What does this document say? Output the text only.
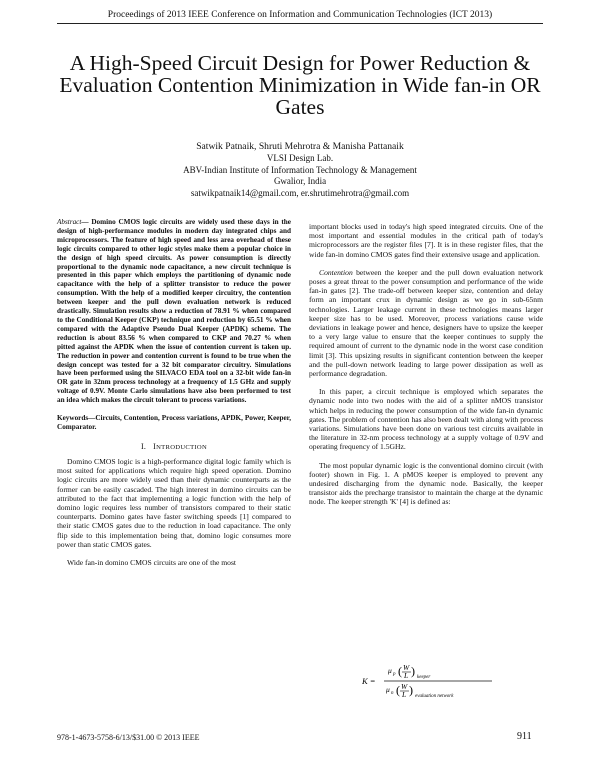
Proceedings of 2013 IEEE Conference on Information and Communication Technologies (ICT 2013)
A High-Speed Circuit Design for Power Reduction & Evaluation Contention Minimization in Wide fan-in OR Gates
Satwik Patnaik, Shruti Mehrotra & Manisha Pattanaik
VLSI Design Lab.
ABV-Indian Institute of Information Technology & Management
Gwalior, India
satwikpatnaik14@gmail.com, er.shrutimehrotra@gmail.com
Abstract— Domino CMOS logic circuits are widely used these days in the design of high-performance modules in modern day integrated chips and microprocessors. The feature of high speed and less area overhead of these logic circuits compared to other logic styles make them a popular choice in the design of high speed circuits. As power consumption is directly proportional to the dynamic node capacitance, a new circuit technique is presented in this paper which employs the partitioning of dynamic node capacitance with the help of a splitter transistor to reduce the power consumption. With the help of a modified keeper circuitry, the contention between keeper and the pull down evaluation network is reduced drastically. Simulation results show a reduction of 78.91 % when compared to the Conditional Keeper (CKP) technique and reduction by 65.51 % when compared with the Adaptive Pseudo Dual Keeper (APDK) scheme. The reduction is about 83.56 % when compared to CKP and 70.27 % when pitted against the APDK when the issue of contention current is taken up. The reduction in power and contention current is found to be true when the design concept was tested for a 32 bit comparator circuitry. Simulations have been performed using the SILVACO EDA tool on a 32-bit wide fan-in OR gate in 32nm process technology at a frequency of 1.5 GHz and supply voltage of 0.9V. Monte Carlo simulations have also been performed to test an idea which makes the circuit tolerant to process variations.
Keywords—Circuits, Contention, Process variations, APDK, Power, Keeper, Comparator.
I. INTRODUCTION

Domino CMOS logic is a high-performance digital logic family which is most suited for applications which require high speed operation. Domino logic circuits are more widely used than their dynamic counterparts as the former can be easily cascaded. The high interest in domino circuits can be attributed to the fact that implementing a logic function with the help of domino logic requires less number of transistors compared to their static counterparts. Domino gates have faster switching speeds [1] compared to their static CMOS gates due to the reduction in load capacitance. The only flip side to this implementation being that, domino logic consumes more power than static CMOS gates.

Wide fan-in domino CMOS circuits are one of the most

important blocks used in today's high speed integrated circuits. One of the most important and essential modules in the critical path of today's microprocessors are the register files [7]. It is in these register files, that the wide fan-in domino CMOS gates find their extensive usage and application.

Contention between the keeper and the pull down evaluation network poses a great threat to the power consumption and performance of the wide fan-in gates [2]. The trade-off between keeper size, contention and delay form an important crux in dynamic design as we go in sub-65nm technologies. Larger leakage current in these technologies means larger keeper size has to be used. Moreover, process variations cause wide deviations in leakage power and hence, designers have to upsize the keeper to a very large value to ensure that the keeper continues to supply the required amount of current to the dynamic node in the worst case condition limit [3]. This upsizing results in significant contention between the keeper and the pull-down network leading to large power dissipation as well as performance degradation.

In this paper, a circuit technique is employed which separates the dynamic node into two nodes with the aid of a splitter nMOS transistor which helps in reducing the power consumption of the wide fan-in dynamic gates. The problem of contention has also been dealt with along with process variations. Simulations have been done on various test circuits available in the literature in 32-nm process technology at a supply voltage of 0.9V and operating frequency of 1.5GHz.

The most popular dynamic logic is the conventional domino circuit (with footer) shown in Fig. 1. A pMOS keeper is employed to prevent any undesired discharging from the dynamic node. Basically, the keeper transistor aids the precharge transistor to maintain the charge at the dynamic node. The keeper strength 'K' [4] is defined as:

K =
μ p ( W
L ) keeper
μ n ( W
L ) evaluation network
978-1-4673-5758-6/13/$31.00 © 2013 IEEE	911
